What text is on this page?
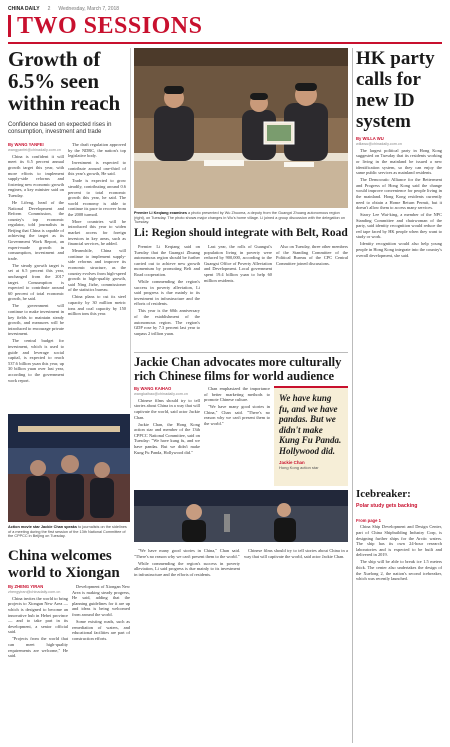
CHINA DAILY 2 Wednesday, March 7, 2018
TWO SESSIONS
Growth of 6.5% seen within reach
Confidence based on expected rises in consumption, investment and trade

By WANG YANFEI

wangyanfei@chinadaily.com.cn

China is confident it will meet its 6.5 percent annual growth target this year, with more efforts to implement supply-side reforms and fostering new economic growth engines, a key minister said on Tuesday.

He Lifeng, head of the National Development and Reform Commission, the country's top economic regulator, told journalists in Beijing that China is capable of achieving the target as its Government Work Report, an expert-made growth in consumption, investment and trade.

The steady growth target is set at 6.5 percent this year, unchanged from the 2017 target. Consumption is expected to contribute around 60 percent of total economic growth, he said.

The government will continue to make investment in key fields to maintain steady growth, and measures will be introduced to encourage private investment.

The central budget for investment, which is used to guide and leverage social capital, is expected to reach 537.6 billion yuan this year, up 30 billion yuan over last year, according to the government work report.

The draft regulation approved by the NDRC, the nation's top legislative body.

Investment is expected to contribute around one-third of this year's growth, He said.

Trade is expected to grow steadily, contributing around 0.6 percent to total economic growth this year, he said. The world economy is able to continue its pace to recover from the 2008 turmoil.

More countries will be introduced this year to widen market access for foreign investors in key areas, such as financial services, he added.

Meanwhile, China will continue to implement supply-side reforms and improve its economic structure, as the country evolves from high-speed growth to high-quality growth, said Ning Jizhe, commissioner of the statistics bureau.

China plans to cut its steel capacity by 30 million metric tons and coal capacity by 150 million tons this year.

Premier Li Keqiang examines a photo presented by Wu Zhuoma, a deputy from the Guangxi Zhuang autonomous region (right), on Tuesday. The photo shows major changes in Wu's home village. Li joined a group discussion with the delegation on Tuesday.

Li: Region should integrate with Belt, Road

Premier Li Keqiang said on Tuesday that the Guangxi Zhuang autonomous region should be further carried out to achieve new growth momentum by promoting Belt and Road cooperation.

While commending the region's success in poverty alleviation, Li said progress is due mainly to its investment in infrastructure and the efforts of residents.

This year is the 60th anniversary of the establishment of the autonomous region. The region's GDP rose by 7.3 percent last year to surpass 2 trillion yuan.

Last year, the rolls of Guangxi's population living in poverty were reduced by 900,000, according to the Guangxi Office of Poverty Alleviation and Development. Local government spent 19.4 billion yuan to help 60 million residents.

Also on Tuesday, three other members of the Standing Committee of the Political Bureau of the CPC Central Committee joined discussions.

Jackie Chan advocates more culturally rich Chinese films for world audience

By WANG KAIHAO

wangkaihao@chinadaily.com.cn

Chinese films should try to tell stories about China in a way that will captivate the world, said actor Jackie Chan.

Jackie Chan, the Hong Kong action star and member of the 13th CPPCC National Committee, said on Tuesday: "We have kung fu, and we have pandas. But we didn't make Kung Fu Panda, Hollywood did."

Chan emphasized the importance of better marketing methods to promote Chinese culture.

"We have many good stories in China," Chan said. "There's no reason why we can't present them to the world."

We have kung fu, and we have pandas. But we didn't make Kung Fu Panda. Hollywood did.

Jackie Chan

Hong Kong action star

Action movie star Jackie Chan speaks to journalists on the sidelines of a meeting during the first session of the 13th National Committee of the CPPCC in Beijing on Tuesday.

China welcomes world to Xiongan

By ZHENG YIRAN

zhengyiran@chinadaily.com.cn

China invites the world to bring projects to Xiongan New Area — which is designed to become an innovative hub in Hebei province — and to take part in its development, a senior official said.

"Projects from the world that can meet high-quality requirements are welcome," He said.

Development of Xiongan New Area is making steady progress, He said, adding that the planning guidelines for it are up and ideas is being welcomed from around the world.

Some existing roads, such as remediation of waters, and educational facilities are part of construction efforts.

"We have many good stories in China," Chan said. "There's no reason why we can't present them to the world."

While commending the region's success in poverty alleviation, Li said progress is due mainly to its investment in infrastructure and the efforts of residents.

Chinese films should try to tell stories about China in a way that will captivate the world, said actor Jackie Chan.

HK party calls for new ID system

By WILLA WU

willawu@chinadaily.com.cn

The largest political party in Hong Kong suggested on Tuesday that its residents working or living in the mainland be issued a new identification system, so they can enjoy the same public services as mainland residents.

The Democratic Alliance for the Betterment and Progress of Hong Kong said the change would improve convenience for people living in the mainland. Hong Kong residents currently need to obtain a Home Return Permit, but it doesn't allow them to access many services.

Starry Lee Wai-king, a member of the NPC Standing Committee and chairwoman of the party, said identity recognition would reduce the red tape faced by HK people when they want to study or work.

Identity recognition would also help young people in Hong Kong integrate into the country's overall development, she said.

Icebreaker:
Polar study gets backing

From page 1

China Ship Development and Design Center, part of China Shipbuilding Industry Corp, is designing further ships for the Arctic waters. The ship has its own 24-hour research laboratories and is expected to be built and delivered in 2019.

The ship will be able to break ice 1.5 meters thick. The center also undertakes the design of the Xuelong 2, the nation's second icebreaker, which was recently launched.
